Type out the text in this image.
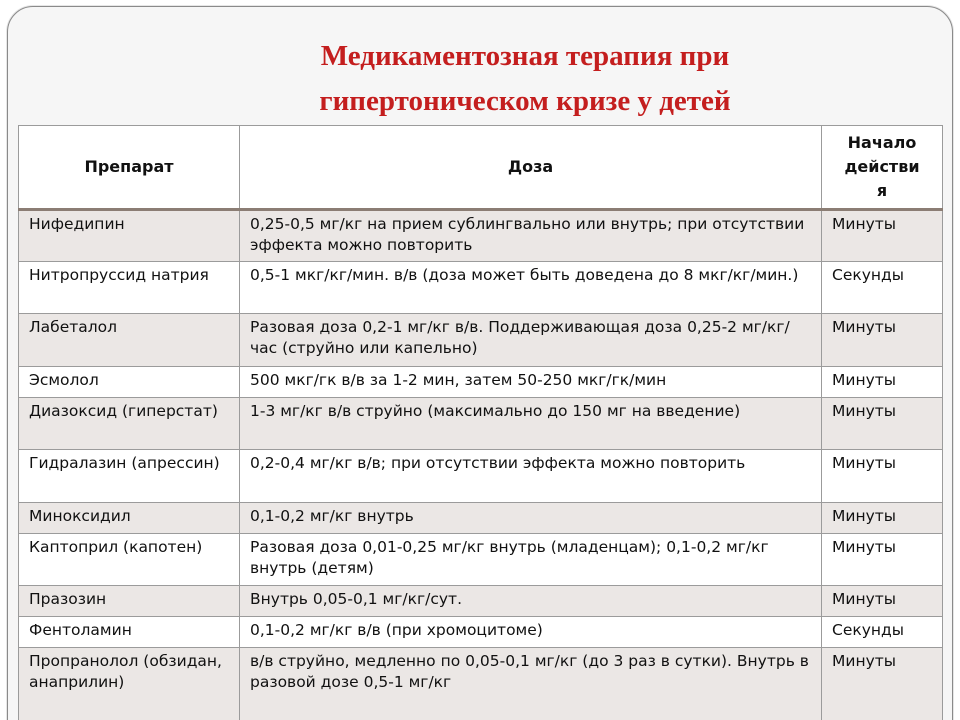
Медикаментозная терапия при
гипертоническом кризе у детей
Препарат	Доза	Начало
действи
я

Нифедипин	0,25-0,5 мг/кг на прием сублингвально или внутрь; при отсутствии эффекта можно повторить	Минуты
Нитропруссид натрия	0,5-1 мкг/кг/мин. в/в (доза может быть доведена до 8 мкг/кг/мин.)	Секунды
Лабеталол	Разовая доза 0,2-1 мг/кг в/в. Поддерживающая доза 0,25-2 мг/кг/час (струйно или капельно)	Минуты
Эсмолол	500 мкг/гк в/в за 1-2 мин, затем 50-250 мкг/гк/мин	Минуты
Диазоксид (гиперстат)	1-3 мг/кг в/в струйно (максимально до 150 мг на введение)	Минуты
Гидралазин (апрессин)	0,2-0,4 мг/кг в/в; при отсутствии эффекта можно повторить	Минуты
Миноксидил	0,1-0,2 мг/кг внутрь	Минуты
Каптоприл (капотен)	Разовая доза 0,01-0,25 мг/кг внутрь (младенцам); 0,1-0,2 мг/кг внутрь (детям)	Минуты
Празозин	Внутрь 0,05-0,1 мг/кг/сут.	Минуты
Фентоламин	0,1-0,2 мг/кг в/в (при хромоцитоме)	Секунды
Пропранолол (обзидан, анаприлин)	в/в струйно, медленно по 0,05-0,1 мг/кг (до 3 раз в сутки). Внутрь в разовой дозе 0,5-1 мг/кг	Минуты
